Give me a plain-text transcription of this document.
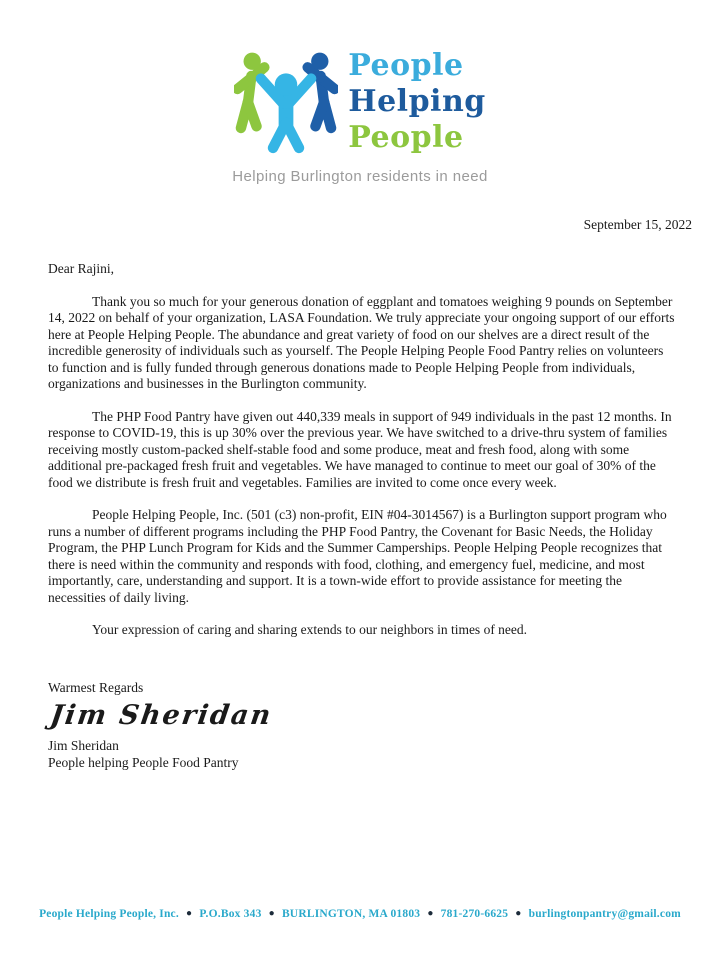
People
Helping
People
Helping Burlington residents in need
September 15, 2022
Dear Rajini,

Thank you so much for your generous donation of eggplant and tomatoes weighing 9 pounds on September 14, 2022 on behalf of your organization, LASA Foundation. We truly appreciate your ongoing support of our efforts here at People Helping People. The abundance and great variety of food on our shelves are a direct result of the incredible generosity of individuals such as yourself. The People Helping People Food Pantry relies on volunteers to function and is fully funded through generous donations made to People Helping People from individuals, organizations and businesses in the Burlington community.

The PHP Food Pantry have given out 440,339 meals in support of 949 individuals in the past 12 months. In response to COVID-19, this is up 30% over the previous year. We have switched to a drive-thru system of families receiving mostly custom-packed shelf-stable food and some produce, meat and fresh food, along with some additional pre-packaged fresh fruit and vegetables. We have managed to continue to meet our goal of 30% of the food we distribute is fresh fruit and vegetables. Families are invited to come once every week.

People Helping People, Inc. (501 (c3) non-profit, EIN #04-3014567) is a Burlington support program who runs a number of different programs including the PHP Food Pantry, the Covenant for Basic Needs, the Holiday Program, the PHP Lunch Program for Kids and the Summer Camperships. People Helping People recognizes that there is need within the community and responds with food, clothing, and emergency fuel, medicine, and most importantly, care, understanding and support. It is a town-wide effort to provide assistance for meeting the necessities of daily living.

Your expression of caring and sharing extends to our neighbors in times of need.

Warmest Regards
Jim Sheridan
Jim Sheridan
People helping People Food Pantry
People Helping People, Inc. ● P.O.Box 343 ● BURLINGTON, MA 01803 ● 781-270-6625 ● burlingtonpantry@gmail.com
